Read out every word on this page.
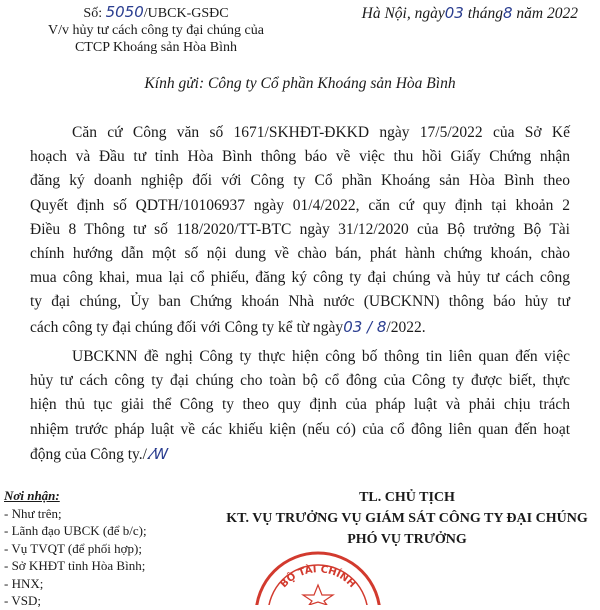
Số: 5050/UBCK-GSĐC
V/v hủy tư cách công ty đại chúng của
CTCP Khoáng sản Hòa Bình
Hà Nội, ngày03 tháng8 năm 2022
Kính gửi: Công ty Cổ phần Khoáng sản Hòa Bình

Căn cứ Công văn số 1671/SKHĐT-ĐKKD ngày 17/5/2022 của Sở Kế
hoạch và Đầu tư tỉnh Hòa Bình thông báo về việc thu hồi Giấy Chứng nhận
đăng ký doanh nghiệp đối với Công ty Cổ phần Khoáng sản Hòa Bình theo
Quyết định số QDTH/10106937 ngày 01/4/2022, căn cứ quy định tại khoản 2
Điều 8 Thông tư số 118/2020/TT-BTC ngày 31/12/2020 của Bộ trưởng Bộ Tài
chính hướng dẫn một số nội dung về chào bán, phát hành chứng khoán, chào
mua công khai, mua lại cổ phiếu, đăng ký công ty đại chúng và hủy tư cách công
ty đại chúng, Ủy ban Chứng khoán Nhà nước (UBCKNN) thông báo hủy tư
cách công ty đại chúng đối với Công ty kể từ ngày03 / 8/2022.

UBCKNN đề nghị Công ty thực hiện công bố thông tin liên quan đến việc
hủy tư cách công ty đại chúng cho toàn bộ cổ đông của Công ty được biết, thực
hiện thủ tục giải thể Công ty theo quy định của pháp luật và phải chịu trách
nhiệm trước pháp luật về các khiếu kiện (nếu có) của cổ đông liên quan đến hoạt
động của Công ty./.⁄W

Nơi nhận:
- Như trên;
- Lãnh đạo UBCK (để b/c);
- Vụ TVQT (để phối hợp);
- Sở KHĐT tỉnh Hòa Bình;
- HNX;
- VSD;
TL. CHỦ TỊCH
KT. VỤ TRƯỞNG VỤ GIÁM SÁT CÔNG TY ĐẠI CHÚNG
PHÓ VỤ TRƯỞNG
BỘ TÀI CHÍNH
